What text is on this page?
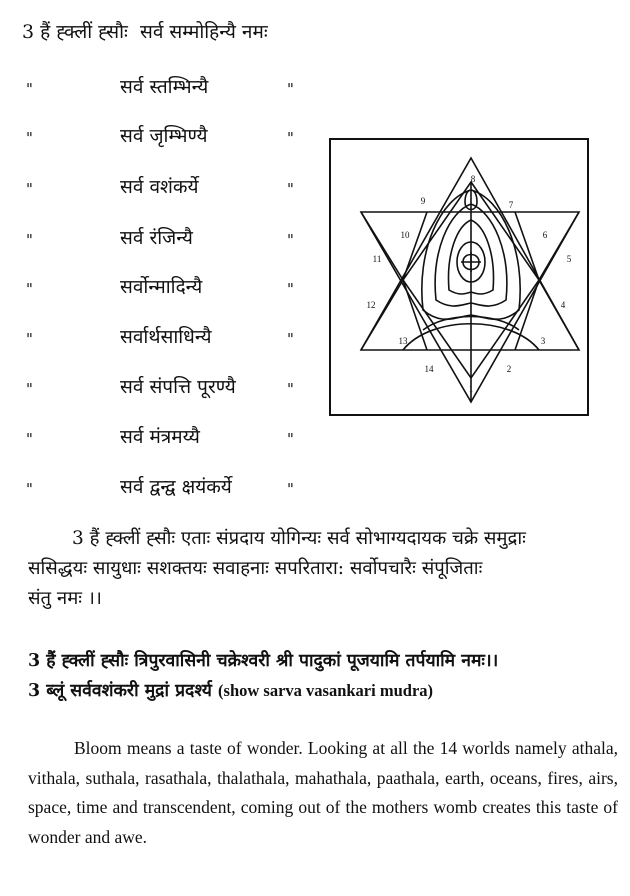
3 हैं ह्क्लीं ह्सौः सर्व सम्मोहिन्यै नमः
"	सर्व स्तम्भिन्यै	"
"	सर्व जृम्भिण्यै	"
"	सर्व वशंकर्ये	"
"	सर्व रंजिन्यै	"
"	सर्वोन्मादिन्यै	"
"	सर्वार्थसाधिन्यै	"
"	सर्व संपत्ति पूरण्यै	"
"	सर्व मंत्रमय्यै	"
"	सर्व द्वन्द्व क्षयंकर्ये	"
1
2
3
4
5
6
7
8
9
10
11
12
13
14
3 हैं ह्क्लीं ह्सौः एताः संप्रदाय योगिन्यः सर्व सोभाग्यदायक चक्रे समुद्राः
ससिद्धयः सायुधाः सशक्तयः सवाहनाः सपरितारा: सर्वोपचारैः संपूजिताः
संतु नमः ।।
3 हैं ह्क्लीं ह्सौः त्रिपुरवासिनी चक्रेश्वरी श्री पादुकां पूजयामि तर्पयामि नमः।।
3 ब्लूं सर्ववशंकरी मुद्रां प्रदर्श्य (show sarva vasankari mudra)

Bloom means a taste of wonder. Looking at all the 14 worlds namely athala, vithala, suthala, rasathala, thalathala, mahathala, paathala, earth, oceans, fires, airs, space, time and transcendent, coming out of the mothers womb creates this taste of wonder and awe.
